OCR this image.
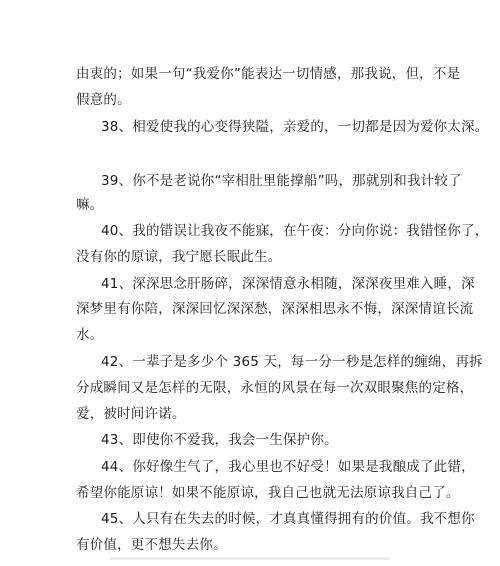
由衷的；如果一句“我爱你”能表达一切情感，那我说，但，不是
假意的。
38、相爱使我的心变得狭隘，亲爱的，一切都是因为爱你太深。
39、你不是老说你“宰相肚里能撑船”吗，那就别和我计较了
嘛。
40、我的错误让我夜不能寐，在午夜：分向你说：我错怪你了，
没有你的原谅，我宁愿长眠此生。
41、深深思念肝肠碎，深深情意永相随，深深夜里难入睡，深
深梦里有你陪，深深回忆深深愁，深深相思永不悔，深深情谊长流
水。
42、一辈子是多少个 365 天，每一分一秒是怎样的缠绵，再拆
分成瞬间又是怎样的无限，永恒的风景在每一次双眼聚焦的定格，
爱，被时间许诺。
43、即使你不爱我，我会一生保护你。
44、你好像生气了，我心里也不好受！如果是我酿成了此错，
希望你能原谅！如果不能原谅，我自己也就无法原谅我自己了。
45、人只有在失去的时候，才真真懂得拥有的价值。我不想你
有价值，更不想失去你。
